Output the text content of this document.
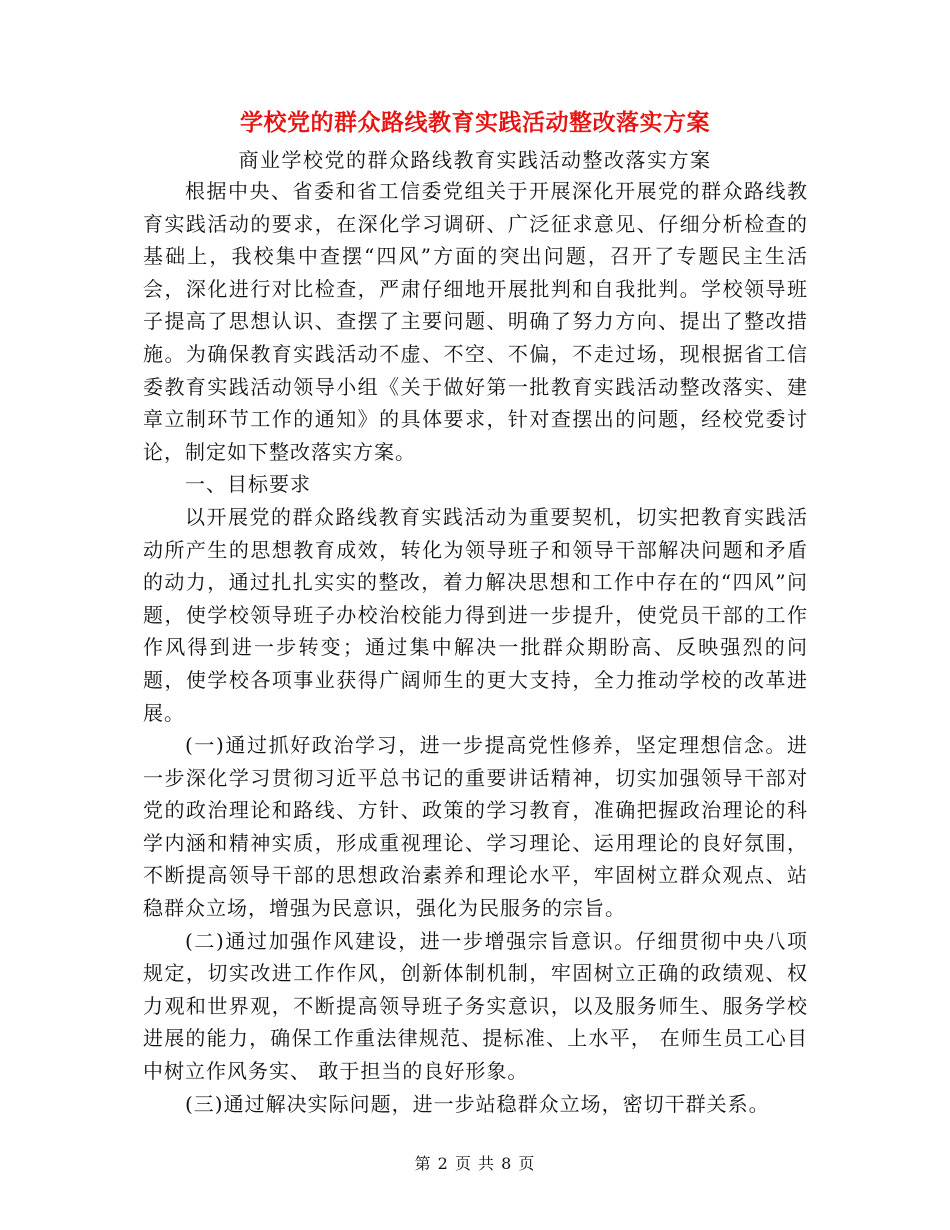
学校党的群众路线教育实践活动整改落实方案
商业学校党的群众路线教育实践活动整改落实方案

根据中央、省委和省工信委党组关于开展深化开展党的群众路线教育实践活动的要求，在深化学习调研、广泛征求意见、仔细分析检查的基础上，我校集中查摆“四风”方面的突出问题，召开了专题民主生活会，深化进行对比检查，严肃仔细地开展批判和自我批判。学校领导班子提高了思想认识、查摆了主要问题、明确了努力方向、提出了整改措施。为确保教育实践活动不虚、不空、不偏，不走过场，现根据省工信委教育实践活动领导小组《关于做好第一批教育实践活动整改落实、建章立制环节工作的通知》的具体要求，针对查摆出的问题，经校党委讨论，制定如下整改落实方案。

一、目标要求

以开展党的群众路线教育实践活动为重要契机，切实把教育实践活动所产生的思想教育成效，转化为领导班子和领导干部解决问题和矛盾的动力，通过扎扎实实的整改，着力解决思想和工作中存在的“四风”问题，使学校领导班子办校治校能力得到进一步提升，使党员干部的工作作风得到进一步转变；通过集中解决一批群众期盼高、反映强烈的问题，使学校各项事业获得广阔师生的更大支持，全力推动学校的改革进展。

(一)通过抓好政治学习，进一步提高党性修养，坚定理想信念。进一步深化学习贯彻习近平总书记的重要讲话精神，切实加强领导干部对党的政治理论和路线、方针、政策的学习教育，准确把握政治理论的科学内涵和精神实质，形成重视理论、学习理论、运用理论的良好氛围，不断提高领导干部的思想政治素养和理论水平，牢固树立群众观点、站稳群众立场，增强为民意识，强化为民服务的宗旨。

(二)通过加强作风建设，进一步增强宗旨意识。仔细贯彻中央八项规定，切实改进工作作风，创新体制机制，牢固树立正确的政绩观、权力观和世界观，不断提高领导班子务实意识，以及服务师生、服务学校进展的能力，确保工作重法律规范、提标准、上水平， 在师生员工心目中树立作风务实、 敢于担当的良好形象。

(三)通过解决实际问题，进一步站稳群众立场，密切干群关系。

第 2 页 共 8 页
